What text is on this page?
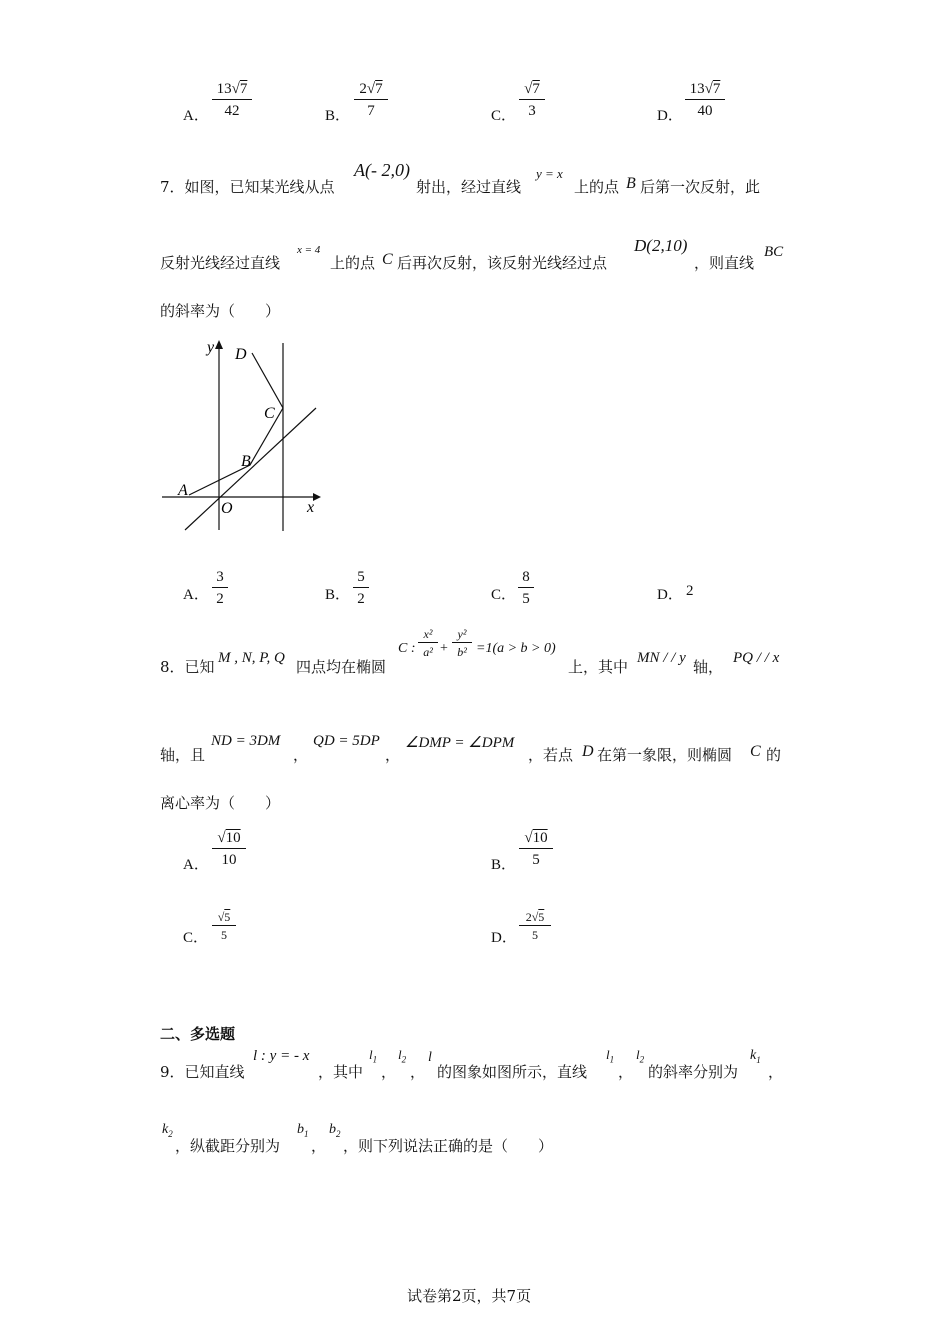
A．
13√7
42	B．
2√7
7	C．
√7
3	D．
13√7
40
7．如图，已知某光线从点
A(- 2,0)
射出，经过直线
y = x
上的点 B 后第一次反射，此
反射光线经过直线
x = 4
上的点 C 后再次反射，该反射光线经过点
D(2,10)
，则直线
BC
的斜率为（　　）
y
x
O
A
B
C
D
A．
3
2	B．
5
2	C．
8
5	D． 2
8．已知 M , N, P, Q 四点均在椭圆
C :
x²
a² +
y²
b² =1(a > b > 0)
上，其中 MN / / y 轴， PQ / / x
轴，且
ND = 3DM
，
QD = 5DP
，
∠DMP = ∠DPM
，若点 D 在第一象限，则椭圆 C 的
离心率为（　　）
A．
√10
10	B．
√10
5
C．
√5
5	D．
2√5
5
二、多选题
9．已知直线
l : y = - x
，其中
$l_1$
，
$l_2$
，
l
的图象如图所示，直线
$l_1$
，
$l_2$
的斜率分别为
$k_1$
，
$k_2$
，纵截距分别为
$b_1$
，
$b_2$
，则下列说法正确的是（　　）
试卷第2页，共7页
